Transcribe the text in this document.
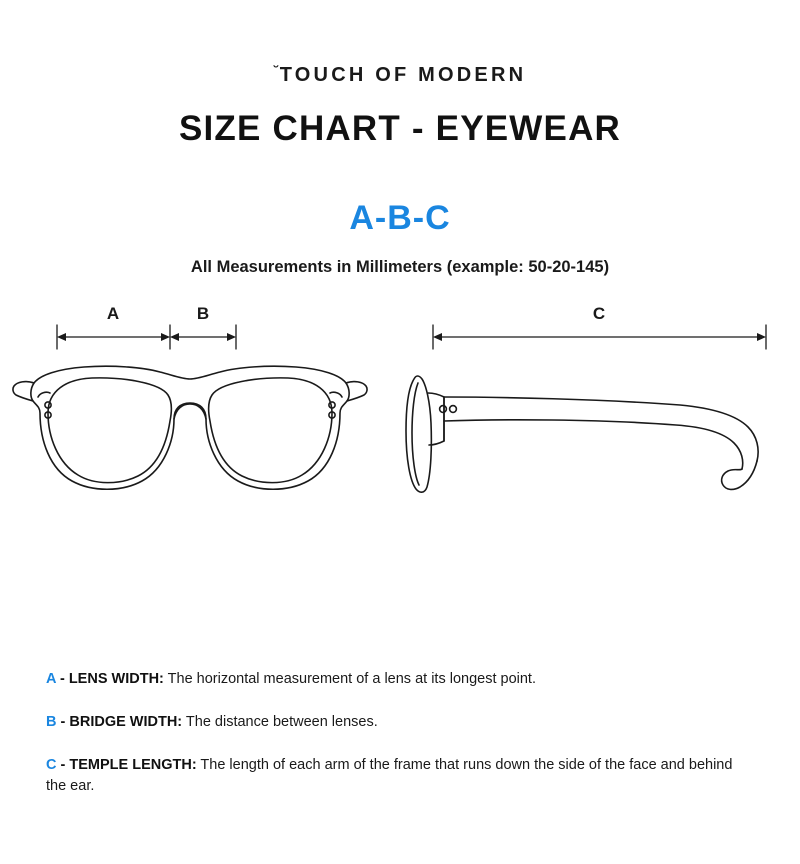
˘TOUCH OF MODERN
SIZE CHART - EYEWEAR
A-B-C
All Measurements in Millimeters (example: 50-20-145)
A	B	C
A - LENS WIDTH: The horizontal measurement of a lens at its longest point.
B - BRIDGE WIDTH: The distance between lenses.
C - TEMPLE LENGTH: The length of each arm of the frame that runs down the side of the face and behind the ear.
